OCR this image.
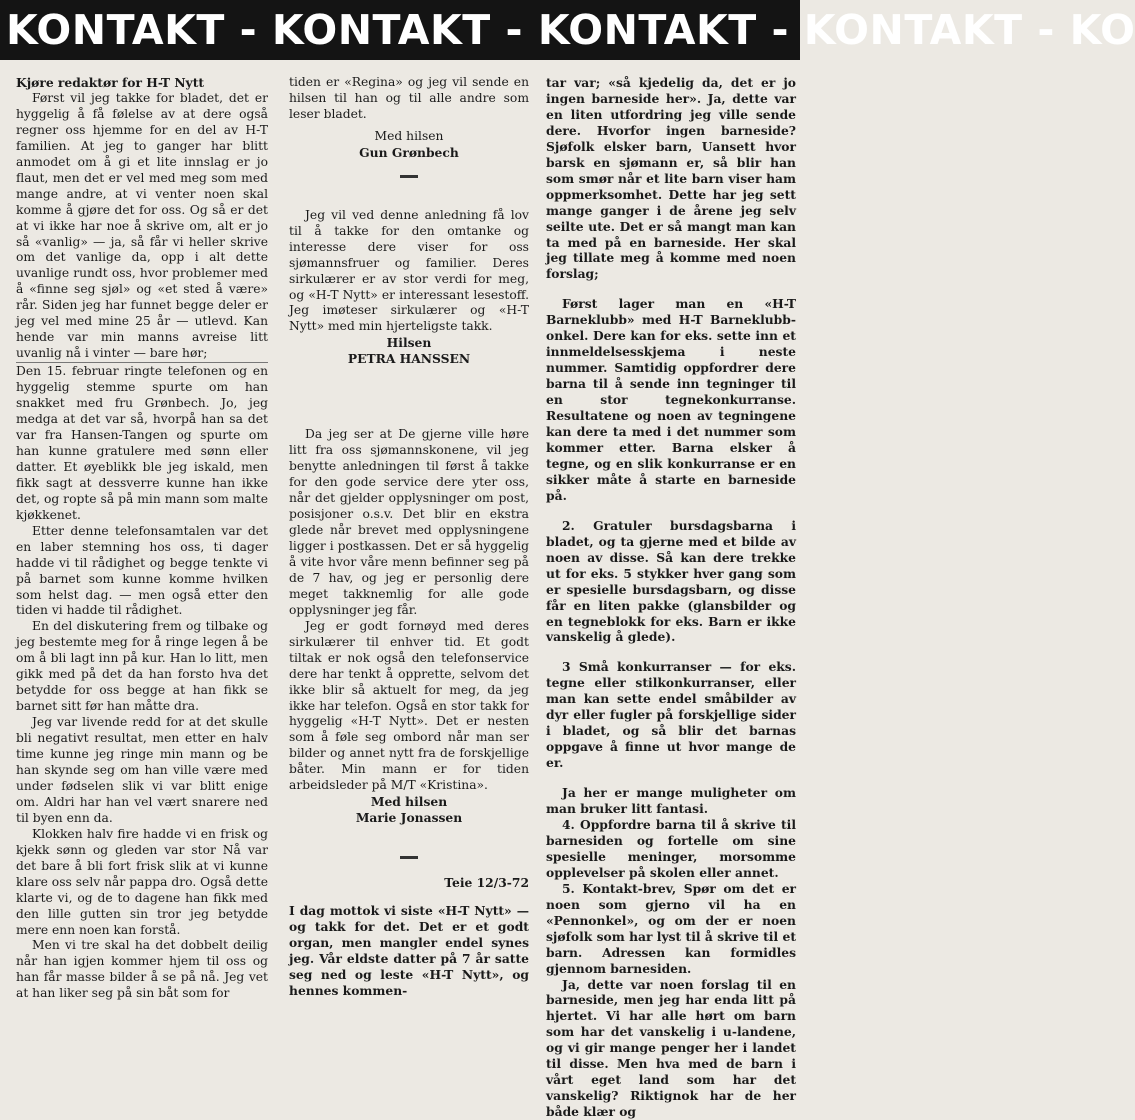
KONTAKT - KONTAKT - KONTAKT - KONTAKT - KO

Kjøre redaktør for H-T Nytt

Først vil jeg takke for bladet, det er hyggelig å få følelse av at dere også regner oss hjemme for en del av H-T familien. At jeg to ganger har blitt anmodet om å gi et lite innslag er jo flaut, men det er vel med meg som med mange andre, at vi venter noen skal komme å gjøre det for oss. Og så er det at vi ikke har noe å skrive om, alt er jo så «vanlig» — ja, så får vi heller skrive om det vanlige da, opp i alt dette uvanlige rundt oss, hvor problemer med å «finne seg sjøl» og «et sted å være» rår. Siden jeg har funnet begge deler er jeg vel med mine 25 år — utlevd. Kan hende var min manns avreise litt uvanlig nå i vinter — bare hør;

Den 15. februar ringte telefonen og en hyggelig stemme spurte om han snakket med fru Grønbech. Jo, jeg medga at det var så, hvorpå han sa det var fra Hansen-Tangen og spurte om han kunne gratulere med sønn eller datter. Et øyeblikk ble jeg iskald, men fikk sagt at dessverre kunne han ikke det, og ropte så på min mann som malte kjøkkenet.

Etter denne telefonsamtalen var det en laber stemning hos oss, ti dager hadde vi til rådighet og begge tenkte vi på barnet som kunne komme hvilken som helst dag. — men også etter den tiden vi hadde til rådighet.

En del diskutering frem og tilbake og jeg bestemte meg for å ringe legen å be om å bli lagt inn på kur. Han lo litt, men gikk med på det da han forsto hva det betydde for oss begge at han fikk se barnet sitt før han måtte dra.

Jeg var livende redd for at det skulle bli negativt resultat, men etter en halv time kunne jeg ringe min mann og be han skynde seg om han ville være med under fødselen slik vi var blitt enige om. Aldri har han vel vært snarere ned til byen enn da.

Klokken halv fire hadde vi en frisk og kjekk sønn og gleden var stor Nå var det bare å bli fort frisk slik at vi kunne klare oss selv når pappa dro. Også dette klarte vi, og de to dagene han fikk med den lille gutten sin tror jeg betydde mere enn noen kan forstå.

Men vi tre skal ha det dobbelt deilig når han igjen kommer hjem til oss og han får masse bilder å se på nå. Jeg vet at han liker seg på sin båt som for

tiden er «Regina» og jeg vil sende en hilsen til han og til alle andre som leser bladet.

Med hilsen

Gun Grønbech

Jeg vil ved denne anledning få lov til å takke for den omtanke og interesse dere viser for oss sjømannsfruer og familier. Deres sirkulærer er av stor verdi for meg, og «H-T Nytt» er interessant lesestoff. Jeg imøteser sirkulærer og «H-T Nytt» med min hjerteligste takk.

Hilsen

PETRA HANSSEN

Da jeg ser at De gjerne ville høre litt fra oss sjømannskonene, vil jeg benytte anledningen til først å takke for den gode service dere yter oss, når det gjelder opplysninger om post, posisjoner o.s.v. Det blir en ekstra glede når brevet med opplysningene ligger i postkassen. Det er så hyggelig å vite hvor våre menn befinner seg på de 7 hav, og jeg er personlig dere meget takknemlig for alle gode opplysninger jeg får.

Jeg er godt fornøyd med deres sirkulærer til enhver tid. Et godt tiltak er nok også den telefonservice dere har tenkt å opprette, selvom det ikke blir så aktuelt for meg, da jeg ikke har telefon. Også en stor takk for hyggelig «H-T Nytt». Det er nesten som å føle seg ombord når man ser bilder og annet nytt fra de forskjellige båter. Min mann er for tiden arbeidsleder på M/T «Kristina».

Med hilsen

Marie Jonassen

Teie 12/3-72

I dag mottok vi siste «H-T Nytt» — og takk for det. Det er et godt organ, men mangler endel synes jeg. Vår eldste datter på 7 år satte seg ned og leste «H-T Nytt», og hennes kommen-

tar var; «så kjedelig da, det er jo ingen barneside her». Ja, dette var en liten utfordring jeg ville sende dere. Hvorfor ingen barneside? Sjøfolk elsker barn, Uansett hvor barsk en sjømann er, så blir han som smør når et lite barn viser ham oppmerksomhet. Dette har jeg sett mange ganger i de årene jeg selv seilte ute. Det er så mangt man kan ta med på en barneside. Her skal jeg tillate meg å komme med noen forslag;

Først lager man en «H-T Barneklubb» med H-T Barneklubb-onkel. Dere kan for eks. sette inn et innmeldelsesskjema i neste nummer. Samtidig oppfordrer dere barna til å sende inn tegninger til en stor tegnekonkurranse. Resultatene og noen av tegningene kan dere ta med i det nummer som kommer etter. Barna elsker å tegne, og en slik konkurranse er en sikker måte å starte en barneside på.

2. Gratuler bursdagsbarna i bladet, og ta gjerne med et bilde av noen av disse. Så kan dere trekke ut for eks. 5 stykker hver gang som er spesielle bursdagsbarn, og disse får en liten pakke (glansbilder og en tegneblokk for eks. Barn er ikke vanskelig å glede).

3 Små konkurranser — for eks. tegne eller stilkonkurranser, eller man kan sette endel småbilder av dyr eller fugler på forskjellige sider i bladet, og så blir det barnas oppgave å finne ut hvor mange de er.

Ja her er mange muligheter om man bruker litt fantasi.

4. Oppfordre barna til å skrive til barnesiden og fortelle om sine spesielle meninger, morsomme opplevelser på skolen eller annet.

5. Kontakt-brev, Spør om det er noen som gjerno vil ha en «Pennonkel», og om der er noen sjøfolk som har lyst til å skrive til et barn. Adressen kan formidles gjennom barnesiden.

Ja, dette var noen forslag til en barneside, men jeg har enda litt på hjertet. Vi har alle hørt om barn som har det vanskelig i u-landene, og vi gir mange penger her i landet til disse. Men hva med de barn i vårt eget land som har det vanskelig? Riktignok har de her både klær og
